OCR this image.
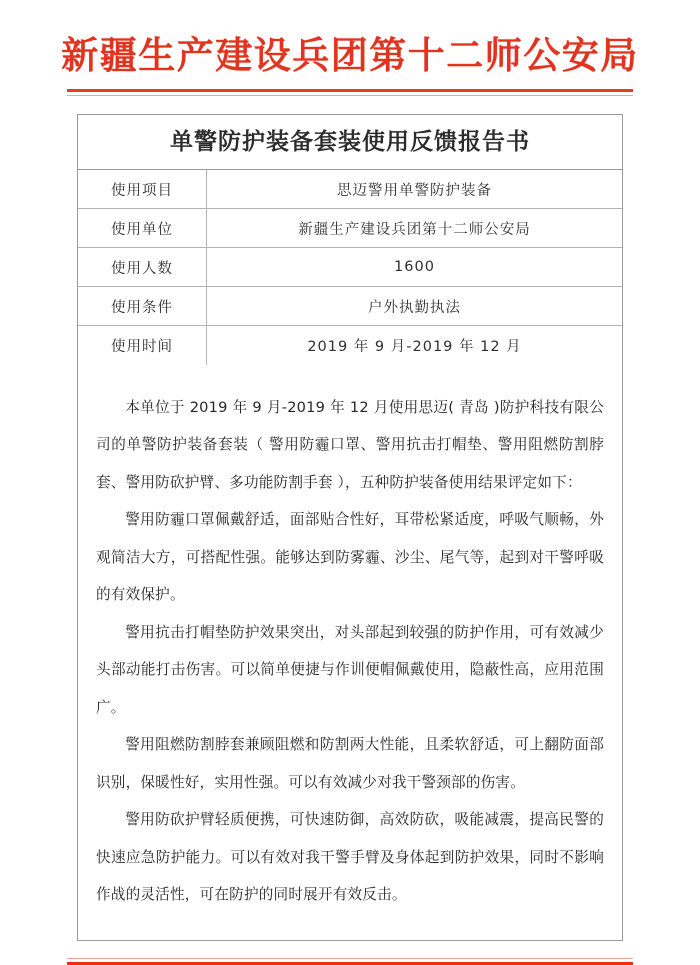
新疆生产建设兵团第十二师公安局
单警防护装备套装使用反馈报告书
使用项目	思迈警用单警防护装备
使用单位	新疆生产建设兵团第十二师公安局
使用人数	1600
使用条件	户外执勤执法
使用时间	2019 年 9 月-2019 年 12 月

本单位于 2019 年 9 月-2019 年 12 月使用思迈( 青岛 )防护科技有限公司的单警防护装备套装（ 警用防霾口罩、警用抗击打帽垫、警用阻燃防割脖套、警用防砍护臂、多功能防割手套 ），五种防护装备使用结果评定如下：

警用防霾口罩佩戴舒适，面部贴合性好，耳带松紧适度，呼吸气顺畅，外观简洁大方，可搭配性强。能够达到防雾霾、沙尘、尾气等，起到对干警呼吸的有效保护。

警用抗击打帽垫防护效果突出，对头部起到较强的防护作用，可有效减少头部动能打击伤害。可以简单便捷与作训便帽佩戴使用，隐蔽性高，应用范围广。

警用阻燃防割脖套兼顾阻燃和防割两大性能，且柔软舒适，可上翻防面部识别，保暖性好，实用性强。可以有效减少对我干警颈部的伤害。

警用防砍护臂轻质便携，可快速防御，高效防砍，吸能减震，提高民警的快速应急防护能力。可以有效对我干警手臂及身体起到防护效果，同时不影响作战的灵活性，可在防护的同时展开有效反击。
